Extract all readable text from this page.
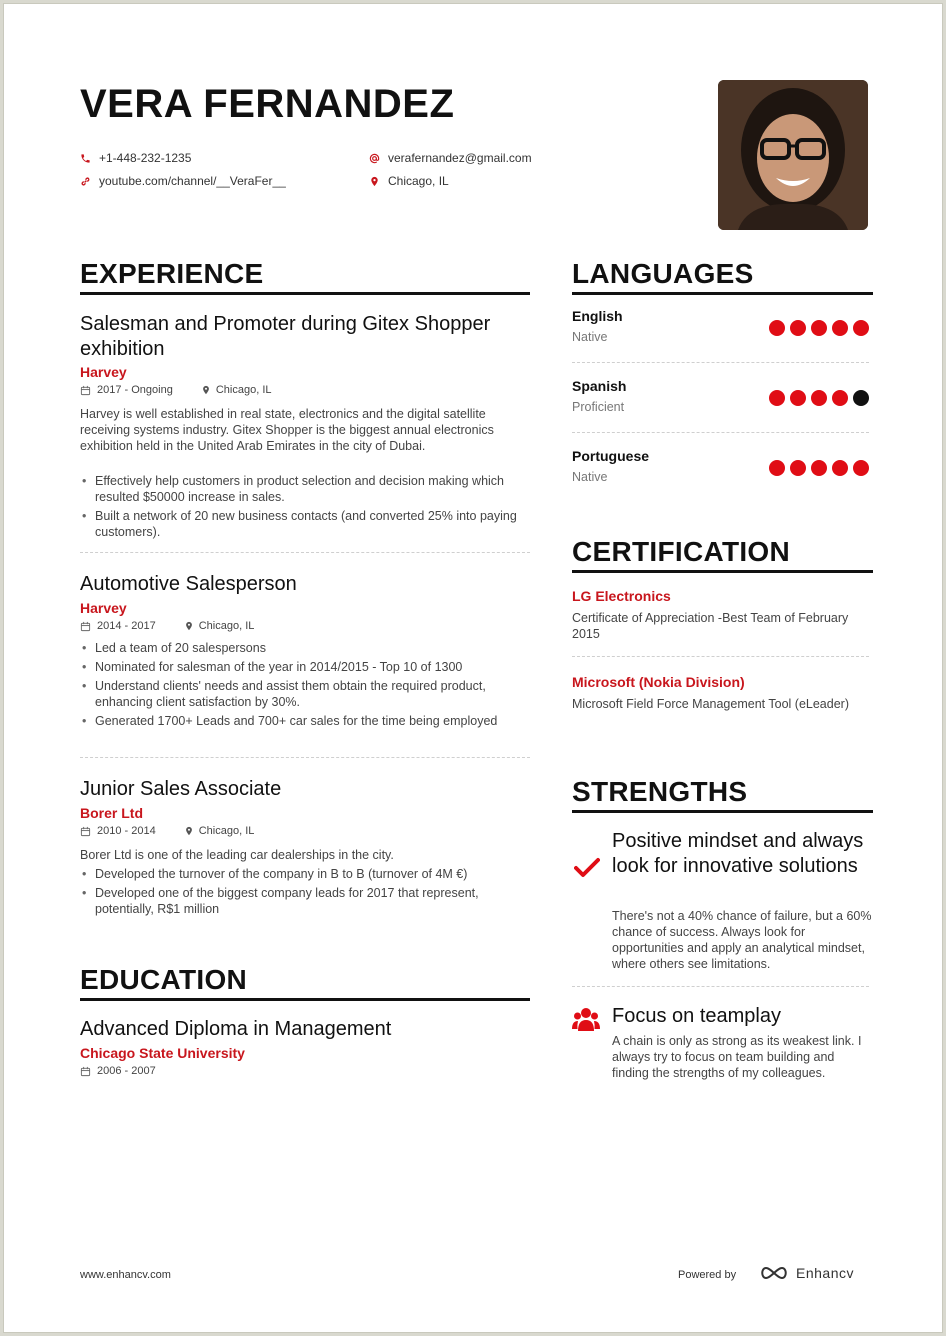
VERA FERNANDEZ
+1-448-232-1235
youtube.com/channel/__VeraFer__
verafernandez@gmail.com
Chicago, IL
EXPERIENCE
Salesman and Promoter during Gitex Shopper exhibition
Harvey
2017 - Ongoing	Chicago, IL
Harvey is well established in real state, electronics and the digital satellite receiving systems industry. Gitex Shopper is the biggest annual electronics exhibition held in the United Arab Emirates in the city of Dubai.
• Effectively help customers in product selection and decision making which resulted $50000 increase in sales.
• Built a network of 20 new business contacts (and converted 25% into paying customers).
Automotive Salesperson
Harvey
2014 - 2017	Chicago, IL
• Led a team of 20 salespersons
• Nominated for salesman of the year in 2014/2015 - Top 10 of 1300
• Understand clients' needs and assist them obtain the required product, enhancing client satisfaction by 30%.
• Generated 1700+ Leads and 700+ car sales for the time being employed
Junior Sales Associate
Borer Ltd
2010 - 2014	Chicago, IL
Borer Ltd is one of the leading car dealerships in the city.
• Developed the turnover of the company in B to B (turnover of 4M €)
• Developed one of the biggest company leads for 2017 that represent, potentially, R$1 million
EDUCATION
Advanced Diploma in Management
Chicago State University
2006 - 2007
LANGUAGES
English
Native
Spanish
Proficient
Portuguese
Native
CERTIFICATION
LG Electronics
Certificate of Appreciation -Best Team of February 2015
Microsoft (Nokia Division)
Microsoft Field Force Management Tool (eLeader)
STRENGTHS
Positive mindset and always look for innovative solutions
There's not a 40% chance of failure, but a 60% chance of success. Always look for opportunities and apply an analytical mindset, where others see limitations.
Focus on teamplay
A chain is only as strong as its weakest link. I always try to focus on team building and finding the strengths of my colleagues.
www.enhancv.com	Powered by	Enhancv
